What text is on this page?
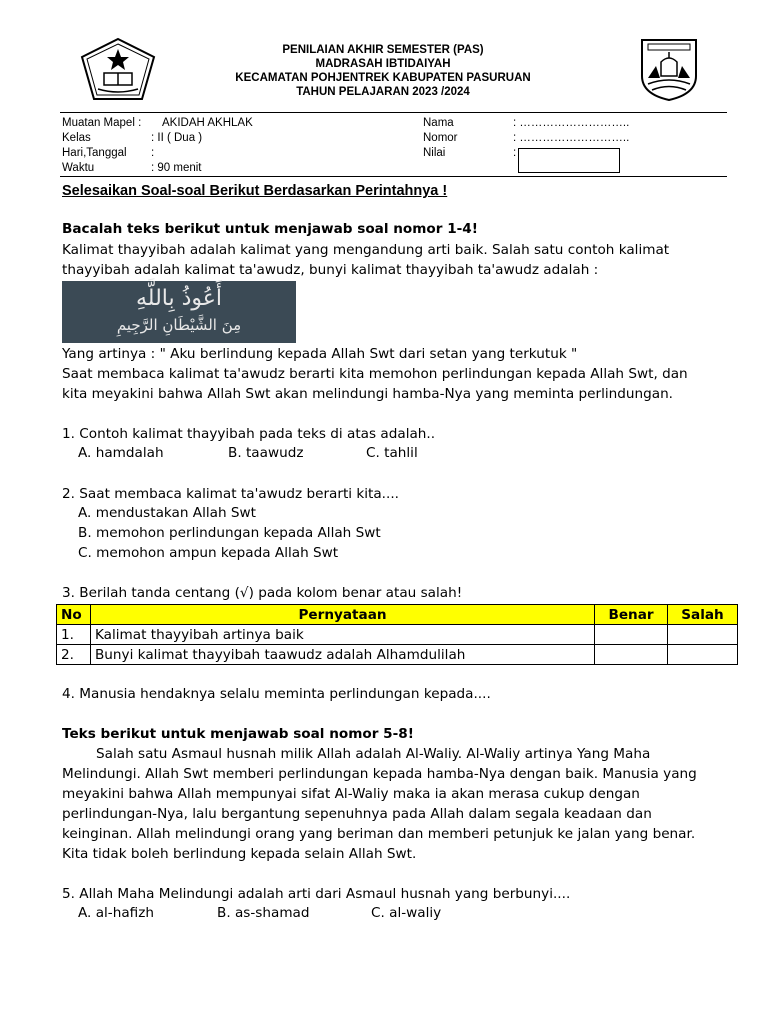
PENILAIAN AKHIR SEMESTER (PAS)
MADRASAH IBTIDAIYAH
KECAMATAN POHJENTREK KABUPATEN PASURUAN
TAHUN PELAJARAN 2023 /2024
Muatan Mapel : AKIDAH AKHLAK
Kelas	: II ( Dua )
Hari,Tanggal :
Waktu	: 90 menit
Nama	: ………………………..
Nomor	: ………………………..
Nilai	:
Selesaikan Soal-soal Berikut Berdasarkan Perintahnya !
Bacalah teks berikut untuk menjawab soal nomor 1-4!
Kalimat thayyibah adalah kalimat yang mengandung arti baik. Salah satu contoh kalimat
thayyibah adalah kalimat ta'awudz, bunyi kalimat thayyibah ta'awudz adalah :
أَعُوذُ بِاللَّهِ
مِنَ الشَّيْطَانِ الرَّجِيمِ
Yang artinya : " Aku berlindung kepada Allah Swt dari setan yang terkutuk "
Saat membaca kalimat ta'awudz berarti kita memohon perlindungan kepada Allah Swt, dan
kita meyakini bahwa Allah Swt akan melindungi hamba-Nya yang meminta perlindungan.
1. Contoh kalimat thayyibah pada teks di atas adalah..
A. hamdalah	B. taawudz	C. tahlil
2. Saat membaca kalimat ta'awudz berarti kita....
A. mendustakan Allah Swt
B. memohon perlindungan kepada Allah Swt
C. memohon ampun kepada Allah Swt
3. Berilah tanda centang (√) pada kolom benar atau salah!
No	Pernyataan	Benar	Salah
1.	Kalimat thayyibah artinya baik		
2.	Bunyi kalimat thayyibah taawudz adalah Alhamdulilah		
4. Manusia hendaknya selalu meminta perlindungan kepada....
Teks berikut untuk menjawab soal nomor 5-8!
Salah satu Asmaul husnah milik Allah adalah Al-Waliy. Al-Waliy artinya Yang Maha
Melindungi. Allah Swt memberi perlindungan kepada hamba-Nya dengan baik. Manusia yang
meyakini bahwa Allah mempunyai sifat Al-Waliy maka ia akan merasa cukup dengan
perlindungan-Nya, lalu bergantung sepenuhnya pada Allah dalam segala keadaan dan
keinginan. Allah melindungi orang yang beriman dan memberi petunjuk ke jalan yang benar.
Kita tidak boleh berlindung kepada selain Allah Swt.
5. Allah Maha Melindungi adalah arti dari Asmaul husnah yang berbunyi....
A. al-hafizh	B. as-shamad	C. al-waliy
